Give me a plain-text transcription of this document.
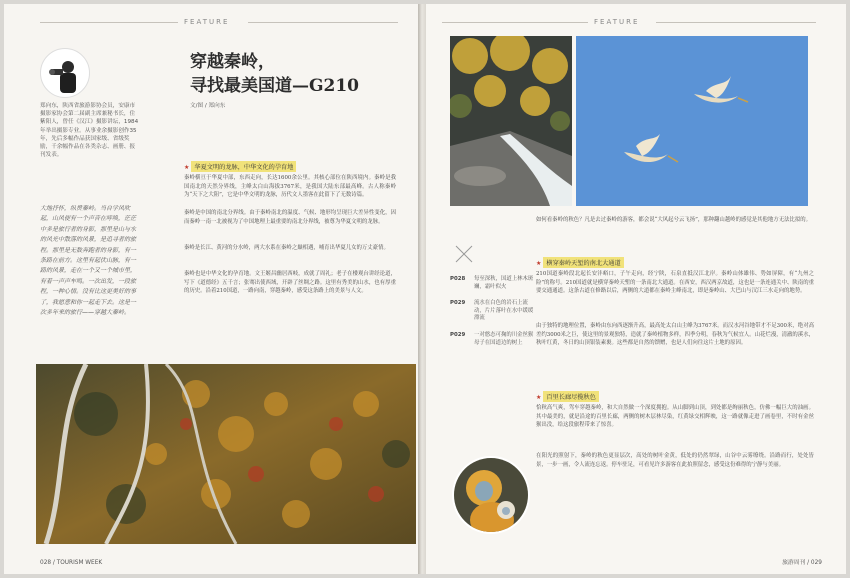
FEATURE
郑向东，陕西省旅游影协会员，安康市摄影家协会第二届副主席兼秘书长，住紫阳人，曾任《汉江》摄影讲坛，1984年举出摄影专业。从事业余摄影创作35年，先后多幅作品获国家级、省级奖励，千余幅作品在各类杂志、画册、报刊发表。
穿越秦岭，
寻找最美国道—G210
文/图 / 郑向东
大地抒怀，纵贯秦岭。当自学风吹起，山风便有一个声音在呼唤，茫茫中多是旅行者的身影，那里是山与水的风光中散落的风景，是追寻者的旅程。那里是无数奔跑者的身影，有一条路在前方。这里有起伏山脉，有一路的风景，走在一个又一个城市里，有着一声声车鸣。一次出发，一段旅程，一种心情。没有比这更美好的事了，我愿意和你一起走下去。这是一次多年来的旅行——穿越大秦岭。
★ 华夏文明的龙脉，中华文化的孕育地
秦岭横亘于华夏中部，东西走向，长达1600余公里。其核心部位在陕西境内。秦岭是我国南北的天然分界线，主峰太白山海拔3767米，是我国大陆东部最高峰。古人称秦岭为“天下之大阻”，它是中华文明的龙脉，历代文人墨客在此留下了无数诗篇。
秦岭是中国的南北分界线。由于秦岭南北的温度、气候、地形均呈现巨大差异性变化，因而秦岭一南一北被视为了中国地理上最重要的南北分界线，被尊为华夏文明的龙脉。
秦岭是长江、黄河的分水岭，两大水系在秦岭之巅相遇，哺育出华夏儿女的万丈豪情。
秦岭也是中华文化的孕育地。文王姬昌幽居西岐，成就了周礼；老子在楼观台讲经论道，写下《道德经》五千言；张骞出使西域，开辟了丝绸之路。这里有秀美的山水，也有厚重的历史。沿着210国道，一路向南，穿越秦岭，感受这条路上的美景与人文。
028 / TOURISM WEEK
FEATURE
如何看秦岭的秋色？凡是去过秦岭的游客，都会说“大风起兮云飞扬”，那种翻山越岭的感觉是其他地方无法比拟的。
P028 每至深秋，国道上林木斑斓，霜叶似火
P029 流水在白色的岩石上流动，片片落叶在水中缓缓漂流
P029 一对憨态可掬的川金丝猴母子在国道边的树上
★ 横穿秦岭天堑的南北大通道
210国道秦岭段北起长安沣峪口，子午走向，经宁陕，石泉直抵汉江北岸。秦岭山体雄伟、势如屏障，有“九州之险”的称号。210国道就是横穿秦岭天堑的一条南北大通道。在西安，西汉两京故道，这也是一条连通关中、陕南的重要交通通道。这条古道在修路以后，两侧的大道都在秦岭主峰南北，即是秦岭山、大巴山与汉江三水走向的地势。
由于独特的地理位置，秦岭由东向西逐渐升高，最高处太白山主峰为3767米。而汉水河谷地带才不足300米，绝对高差约3000米之巨，使这里的景观独特，造就了秦岭植物多样，四季分明，春秋为气候宜人。山花烂漫，清澈的溪水，秋叶红黄，冬日的山顶银装素裹。这些都是自然的馈赠，也是人们向往这片土地的原因。
★ 百里长廊尽揽秋色
恰秋高气爽，驾车穿越秦岭，和大自然做一个深度拥抱。从山脚到山顶，到处都是绚丽秋色，仿佛一幅巨大的油画。其中最美的，就是沿途的百里长廊，两侧的树木层林尽染，红黄绿交相辉映，这一路就像走进了画卷里，不时有金丝猴出没，给这段旅程带来了惊喜。
在阳光的照射下，秦岭的秋色更显层次，高处的树叶金黄，低处的仍然翠绿，山谷中云雾缭绕。沿路而行，处处皆景，一步一画，令人流连忘返。停车驻足，可看见许多游客在此拍照留念，感受这份难得的宁静与美丽。
旅游周刊 / 029
